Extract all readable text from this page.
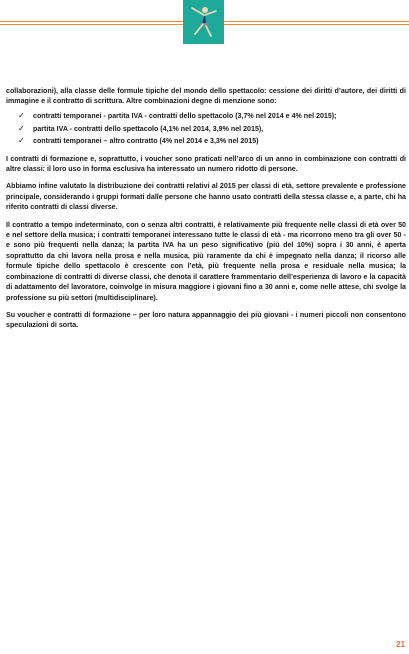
collaborazioni), alla classe delle formule tipiche del mondo dello spettacolo: cessione dei diritti d’autore, dei diritti di immagine e il contratto di scrittura. Altre combinazioni degne di menzione sono:

✓ contratti temporanei - partita IVA - contratti dello spettacolo (3,7% nel 2014 e 4% nel 2015);
✓ partita IVA - contratti dello spettacolo (4,1% nel 2014, 3,9% nel 2015),
✓ contratti temporanei – altro contratto (4% nel 2014 e 3,3% nel 2015)

I contratti di formazione e, soprattutto, i voucher sono praticati nell’arco di un anno in combinazione con contratti di altre classi: il loro uso in forma esclusiva ha interessato un numero ridotto di persone.

Abbiamo infine valutato la distribuzione dei contratti relativi al 2015 per classi di età, settore prevalente e professione principale, considerando i gruppi formati dalle persone che hanno usato contratti della stessa classe e, a parte, chi ha riferito contratti di classi diverse.

Il contratto a tempo indeterminato, con o senza altri contratti, è relativamente più frequente nelle classi di età over 50 e nel settore della musica; i contratti temporanei interessano tutte le classi di età - ma ricorrono meno tra gli over 50 - e sono più frequenti nella danza; la partita IVA ha un peso significativo (più del 10%) sopra i 30 anni, è aperta soprattutto da chi lavora nella prosa e nella musica, più raramente da chi è impegnato nella danza; il ricorso alle formule tipiche dello spettacolo è crescente con l’età, più frequente nella prosa e residuale nella musica; la combinazione di contratti di diverse classi, che denota il carattere frammentario dell’esperienza di lavoro e la capacità di adattamento del lavoratore, coinvolge in misura maggiore i giovani fino a 30 anni e, come nelle attese, chi svolge la professione su più settori (multidisciplinare).

Su voucher e contratti di formazione – per loro natura appannaggio dei più giovani - i numeri piccoli non consentono speculazioni di sorta.

21
